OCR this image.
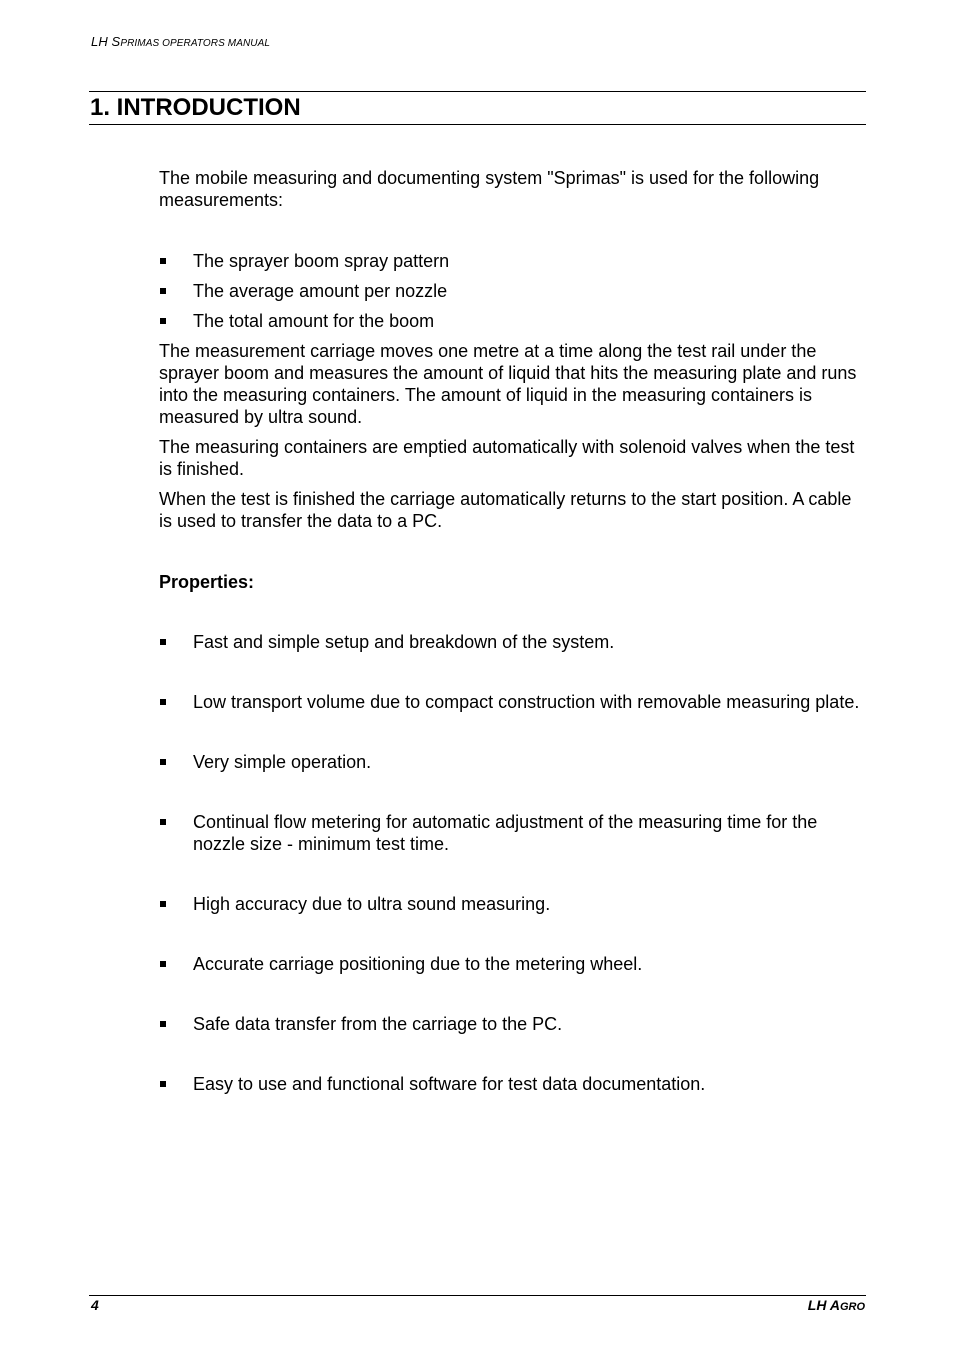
LH SPRIMAS OPERATORS MANUAL
1. INTRODUCTION

The mobile measuring and documenting system "Sprimas" is used for the following measurements:

The sprayer boom spray pattern
The average amount per nozzle
The total amount for the boom

The measurement carriage moves one metre at a time along the test rail under the sprayer boom and measures the amount of liquid that hits the measuring plate and runs into the measuring containers. The amount of liquid in the measuring containers is measured by ultra sound.

The measuring containers are emptied automatically with solenoid valves when the test is finished.

When the test is finished the carriage automatically returns to the start position. A cable is used to transfer the data to a PC.

Properties:

Fast and simple setup and breakdown of the system.
Low transport volume due to compact construction with removable measuring plate.
Very simple operation.
Continual flow metering for automatic adjustment of the measuring time for the nozzle size - minimum test time.
High accuracy due to ultra sound measuring.
Accurate carriage positioning due to the metering wheel.
Safe data transfer from the carriage to the PC.
Easy to use and functional software for test data documentation.
4	LH AGRO
